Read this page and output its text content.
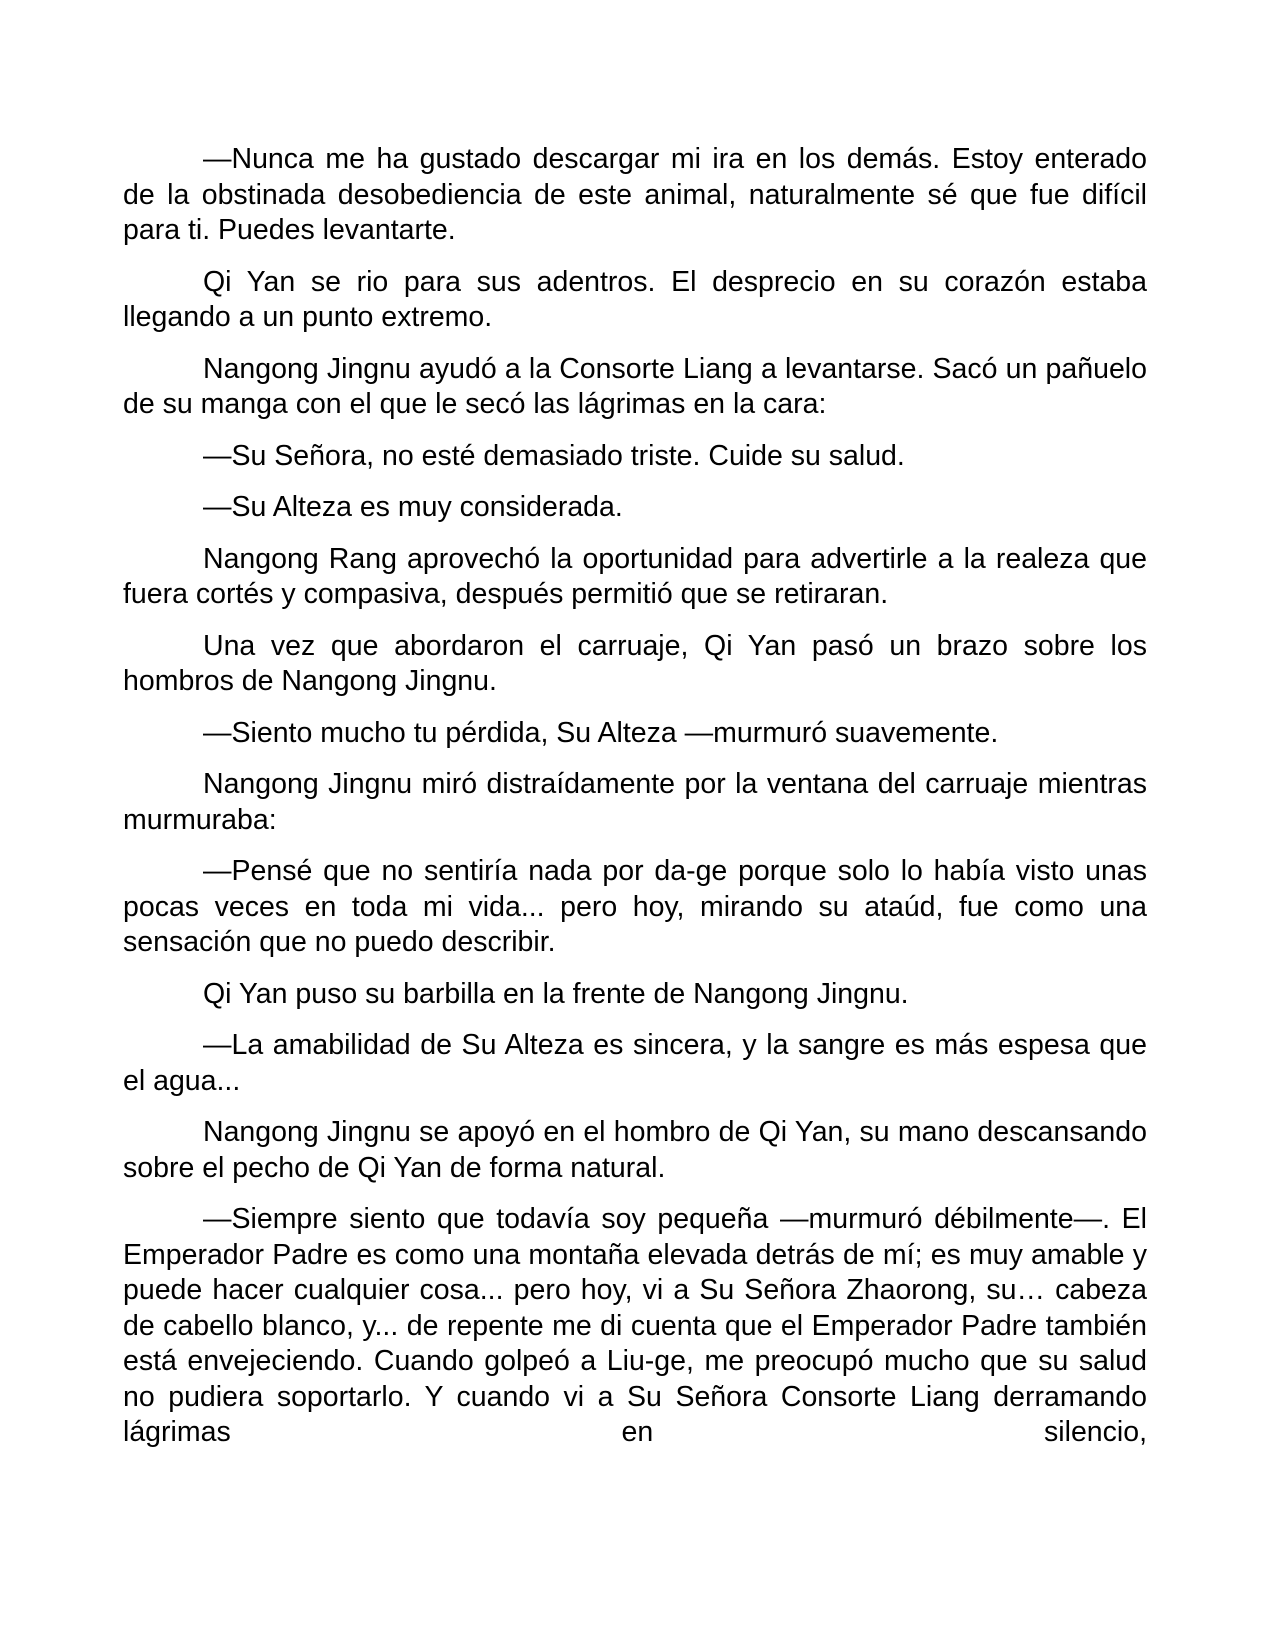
—Nunca me ha gustado descargar mi ira en los demás. Estoy enterado de la obstinada desobediencia de este animal, naturalmente sé que fue difícil para ti. Puedes levantarte.

Qi Yan se rio para sus adentros. El desprecio en su corazón estaba llegando a un punto extremo.

Nangong Jingnu ayudó a la Consorte Liang a levantarse. Sacó un pañuelo de su manga con el que le secó las lágrimas en la cara:

—Su Señora, no esté demasiado triste. Cuide su salud.

—Su Alteza es muy considerada.

Nangong Rang aprovechó la oportunidad para advertirle a la realeza que fuera cortés y compasiva, después permitió que se retiraran.

Una vez que abordaron el carruaje, Qi Yan pasó un brazo sobre los hombros de Nangong Jingnu.

—Siento mucho tu pérdida, Su Alteza —murmuró suavemente.

Nangong Jingnu miró distraídamente por la ventana del carruaje mientras murmuraba:

—Pensé que no sentiría nada por da-ge porque solo lo había visto unas pocas veces en toda mi vida... pero hoy, mirando su ataúd, fue como una sensación que no puedo describir.

Qi Yan puso su barbilla en la frente de Nangong Jingnu.

—La amabilidad de Su Alteza es sincera, y la sangre es más espesa que el agua...

Nangong Jingnu se apoyó en el hombro de Qi Yan, su mano descansando sobre el pecho de Qi Yan de forma natural.

—Siempre siento que todavía soy pequeña —murmuró débilmente—. El Emperador Padre es como una montaña elevada detrás de mí; es muy amable y puede hacer cualquier cosa... pero hoy, vi a Su Señora Zhaorong, su… cabeza de cabello blanco, y... de repente me di cuenta que el Emperador Padre también está envejeciendo. Cuando golpeó a Liu-ge, me preocupó mucho que su salud no pudiera soportarlo. Y cuando vi a Su Señora Consorte Liang derramando lágrimas en silencio,
